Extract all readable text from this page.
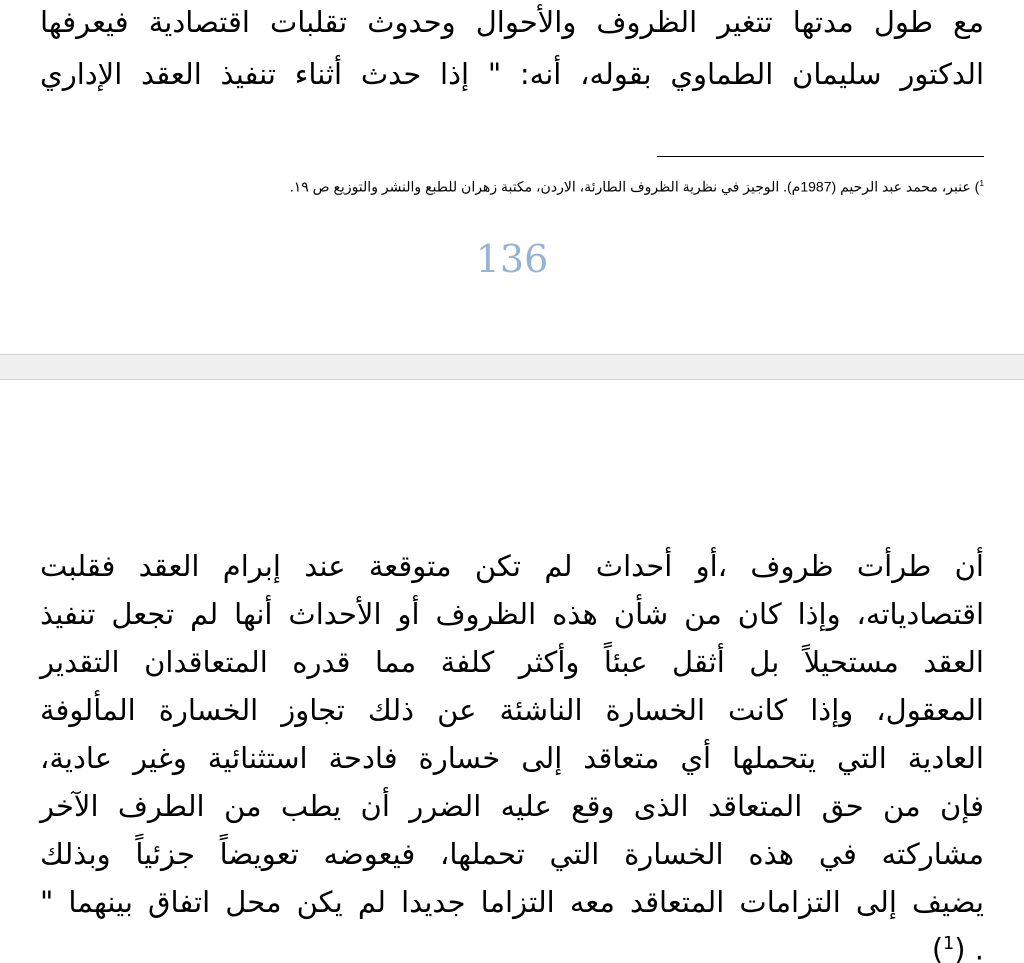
مع طول مدتها تتغير الظروف والأحوال وحدوث تقلبات اقتصادية فيعرفها
الدكتور سليمان الطماوي بقوله، أنه: " إذا حدث أثناء تنفيذ العقد الإداري
$^1$) عنبر، محمد عبد الرحيم (1987م). الوجيز في نظرية الظروف الطارئة، الاردن، مكتبة زهران للطبع والنشر والتوزيع ص ١٩.
136
أن طرأت ظروف ،أو أحداث لم تكن متوقعة عند إبرام العقد فقلبت
اقتصادياته، وإذا كان من شأن هذه الظروف أو الأحداث أنها لم تجعل تنفيذ
العقد مستحيلاً بل أثقل عبئاً وأكثر كلفة مما قدره المتعاقدان التقدير
المعقول، وإذا كانت الخسارة الناشئة عن ذلك تجاوز الخسارة المألوفة
العادية التي يتحملها أي متعاقد إلى خسارة فادحة استثنائية وغير عادية،
فإن من حق المتعاقد الذى وقع عليه الضرر أن يطب من الطرف الآخر
مشاركته في هذه الخسارة التي تحملها، فيعوضه تعويضاً جزئياً وبذلك
يضيف إلى التزامات المتعاقد معه التزاما جديدا لم يكن محل اتفاق بينهما "
. ($^1$)
